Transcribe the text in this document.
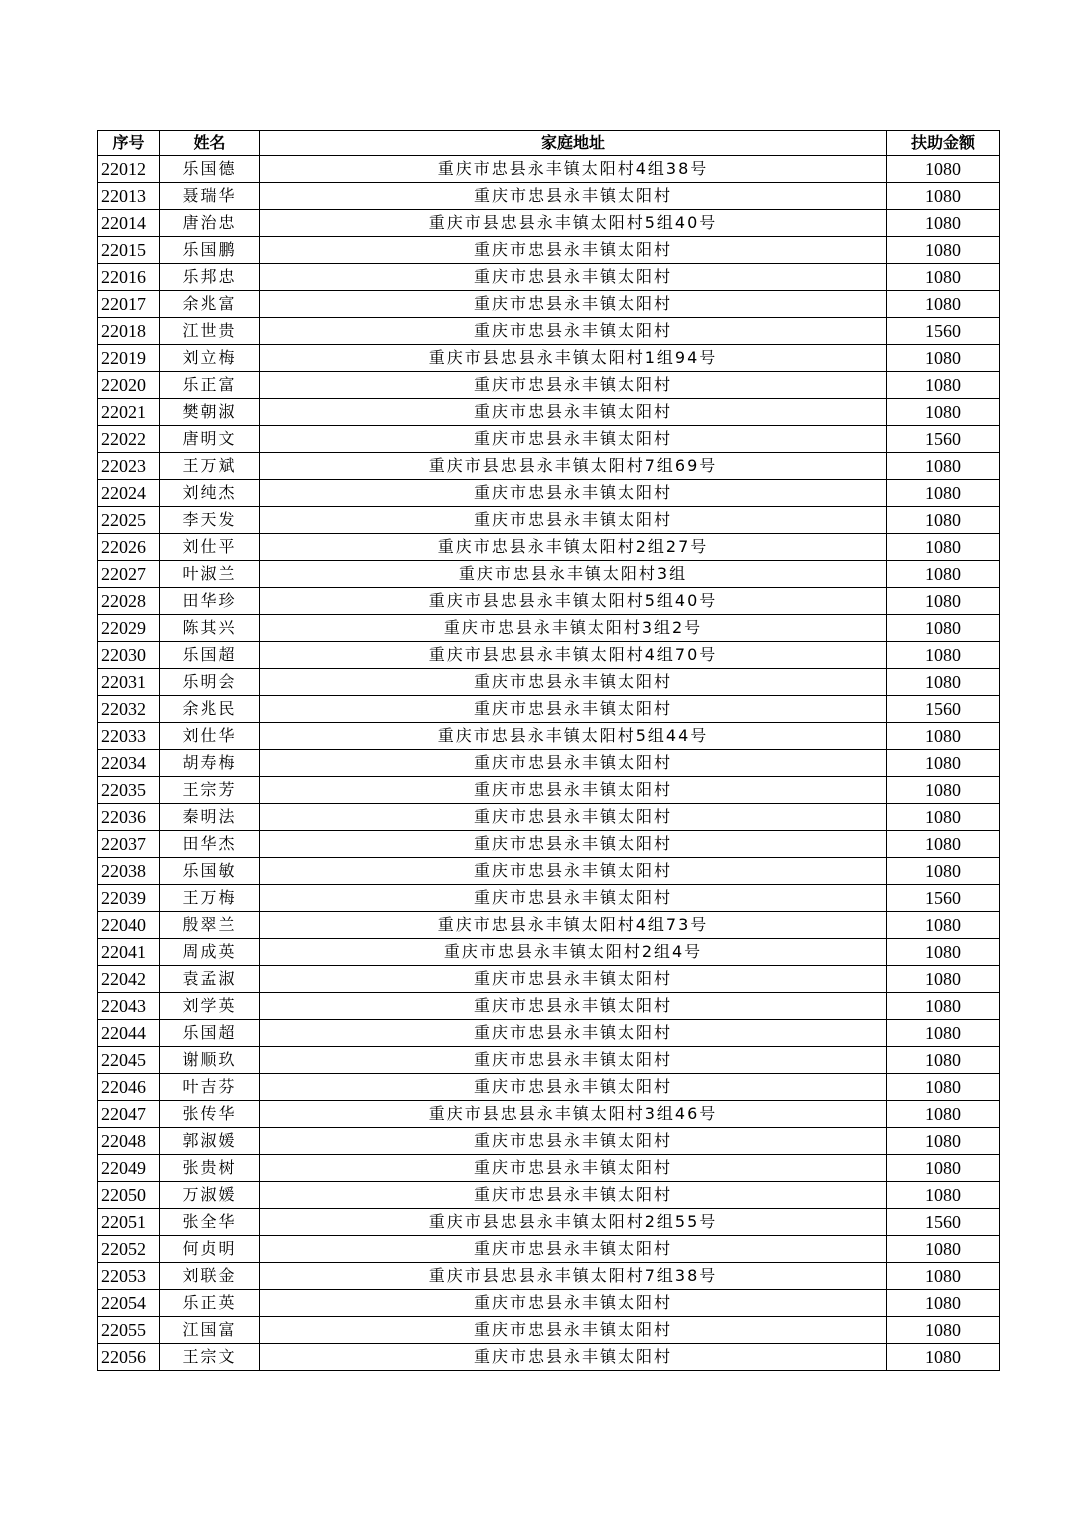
序号	姓名	家庭地址	扶助金额
22012	乐国德	重庆市忠县永丰镇太阳村4组38号	1080
22013	聂瑞华	重庆市忠县永丰镇太阳村	1080
22014	唐治忠	重庆市县忠县永丰镇太阳村5组40号	1080
22015	乐国鹏	重庆市忠县永丰镇太阳村	1080
22016	乐邦忠	重庆市忠县永丰镇太阳村	1080
22017	余兆富	重庆市忠县永丰镇太阳村	1080
22018	江世贵	重庆市忠县永丰镇太阳村	1560
22019	刘立梅	重庆市县忠县永丰镇太阳村1组94号	1080
22020	乐正富	重庆市忠县永丰镇太阳村	1080
22021	樊朝淑	重庆市忠县永丰镇太阳村	1080
22022	唐明文	重庆市忠县永丰镇太阳村	1560
22023	王万斌	重庆市县忠县永丰镇太阳村7组69号	1080
22024	刘纯杰	重庆市忠县永丰镇太阳村	1080
22025	李天发	重庆市忠县永丰镇太阳村	1080
22026	刘仕平	重庆市忠县永丰镇太阳村2组27号	1080
22027	叶淑兰	重庆市忠县永丰镇太阳村3组	1080
22028	田华珍	重庆市县忠县永丰镇太阳村5组40号	1080
22029	陈其兴	重庆市忠县永丰镇太阳村3组2号	1080
22030	乐国超	重庆市县忠县永丰镇太阳村4组70号	1080
22031	乐明会	重庆市忠县永丰镇太阳村	1080
22032	余兆民	重庆市忠县永丰镇太阳村	1560
22033	刘仕华	重庆市忠县永丰镇太阳村5组44号	1080
22034	胡寿梅	重庆市忠县永丰镇太阳村	1080
22035	王宗芳	重庆市忠县永丰镇太阳村	1080
22036	秦明法	重庆市忠县永丰镇太阳村	1080
22037	田华杰	重庆市忠县永丰镇太阳村	1080
22038	乐国敏	重庆市忠县永丰镇太阳村	1080
22039	王万梅	重庆市忠县永丰镇太阳村	1560
22040	殷翠兰	重庆市忠县永丰镇太阳村4组73号	1080
22041	周成英	重庆市忠县永丰镇太阳村2组4号	1080
22042	袁孟淑	重庆市忠县永丰镇太阳村	1080
22043	刘学英	重庆市忠县永丰镇太阳村	1080
22044	乐国超	重庆市忠县永丰镇太阳村	1080
22045	谢顺玖	重庆市忠县永丰镇太阳村	1080
22046	叶吉芬	重庆市忠县永丰镇太阳村	1080
22047	张传华	重庆市县忠县永丰镇太阳村3组46号	1080
22048	郭淑媛	重庆市忠县永丰镇太阳村	1080
22049	张贵树	重庆市忠县永丰镇太阳村	1080
22050	万淑媛	重庆市忠县永丰镇太阳村	1080
22051	张全华	重庆市县忠县永丰镇太阳村2组55号	1560
22052	何贞明	重庆市忠县永丰镇太阳村	1080
22053	刘联金	重庆市县忠县永丰镇太阳村7组38号	1080
22054	乐正英	重庆市忠县永丰镇太阳村	1080
22055	江国富	重庆市忠县永丰镇太阳村	1080
22056	王宗文	重庆市忠县永丰镇太阳村	1080
